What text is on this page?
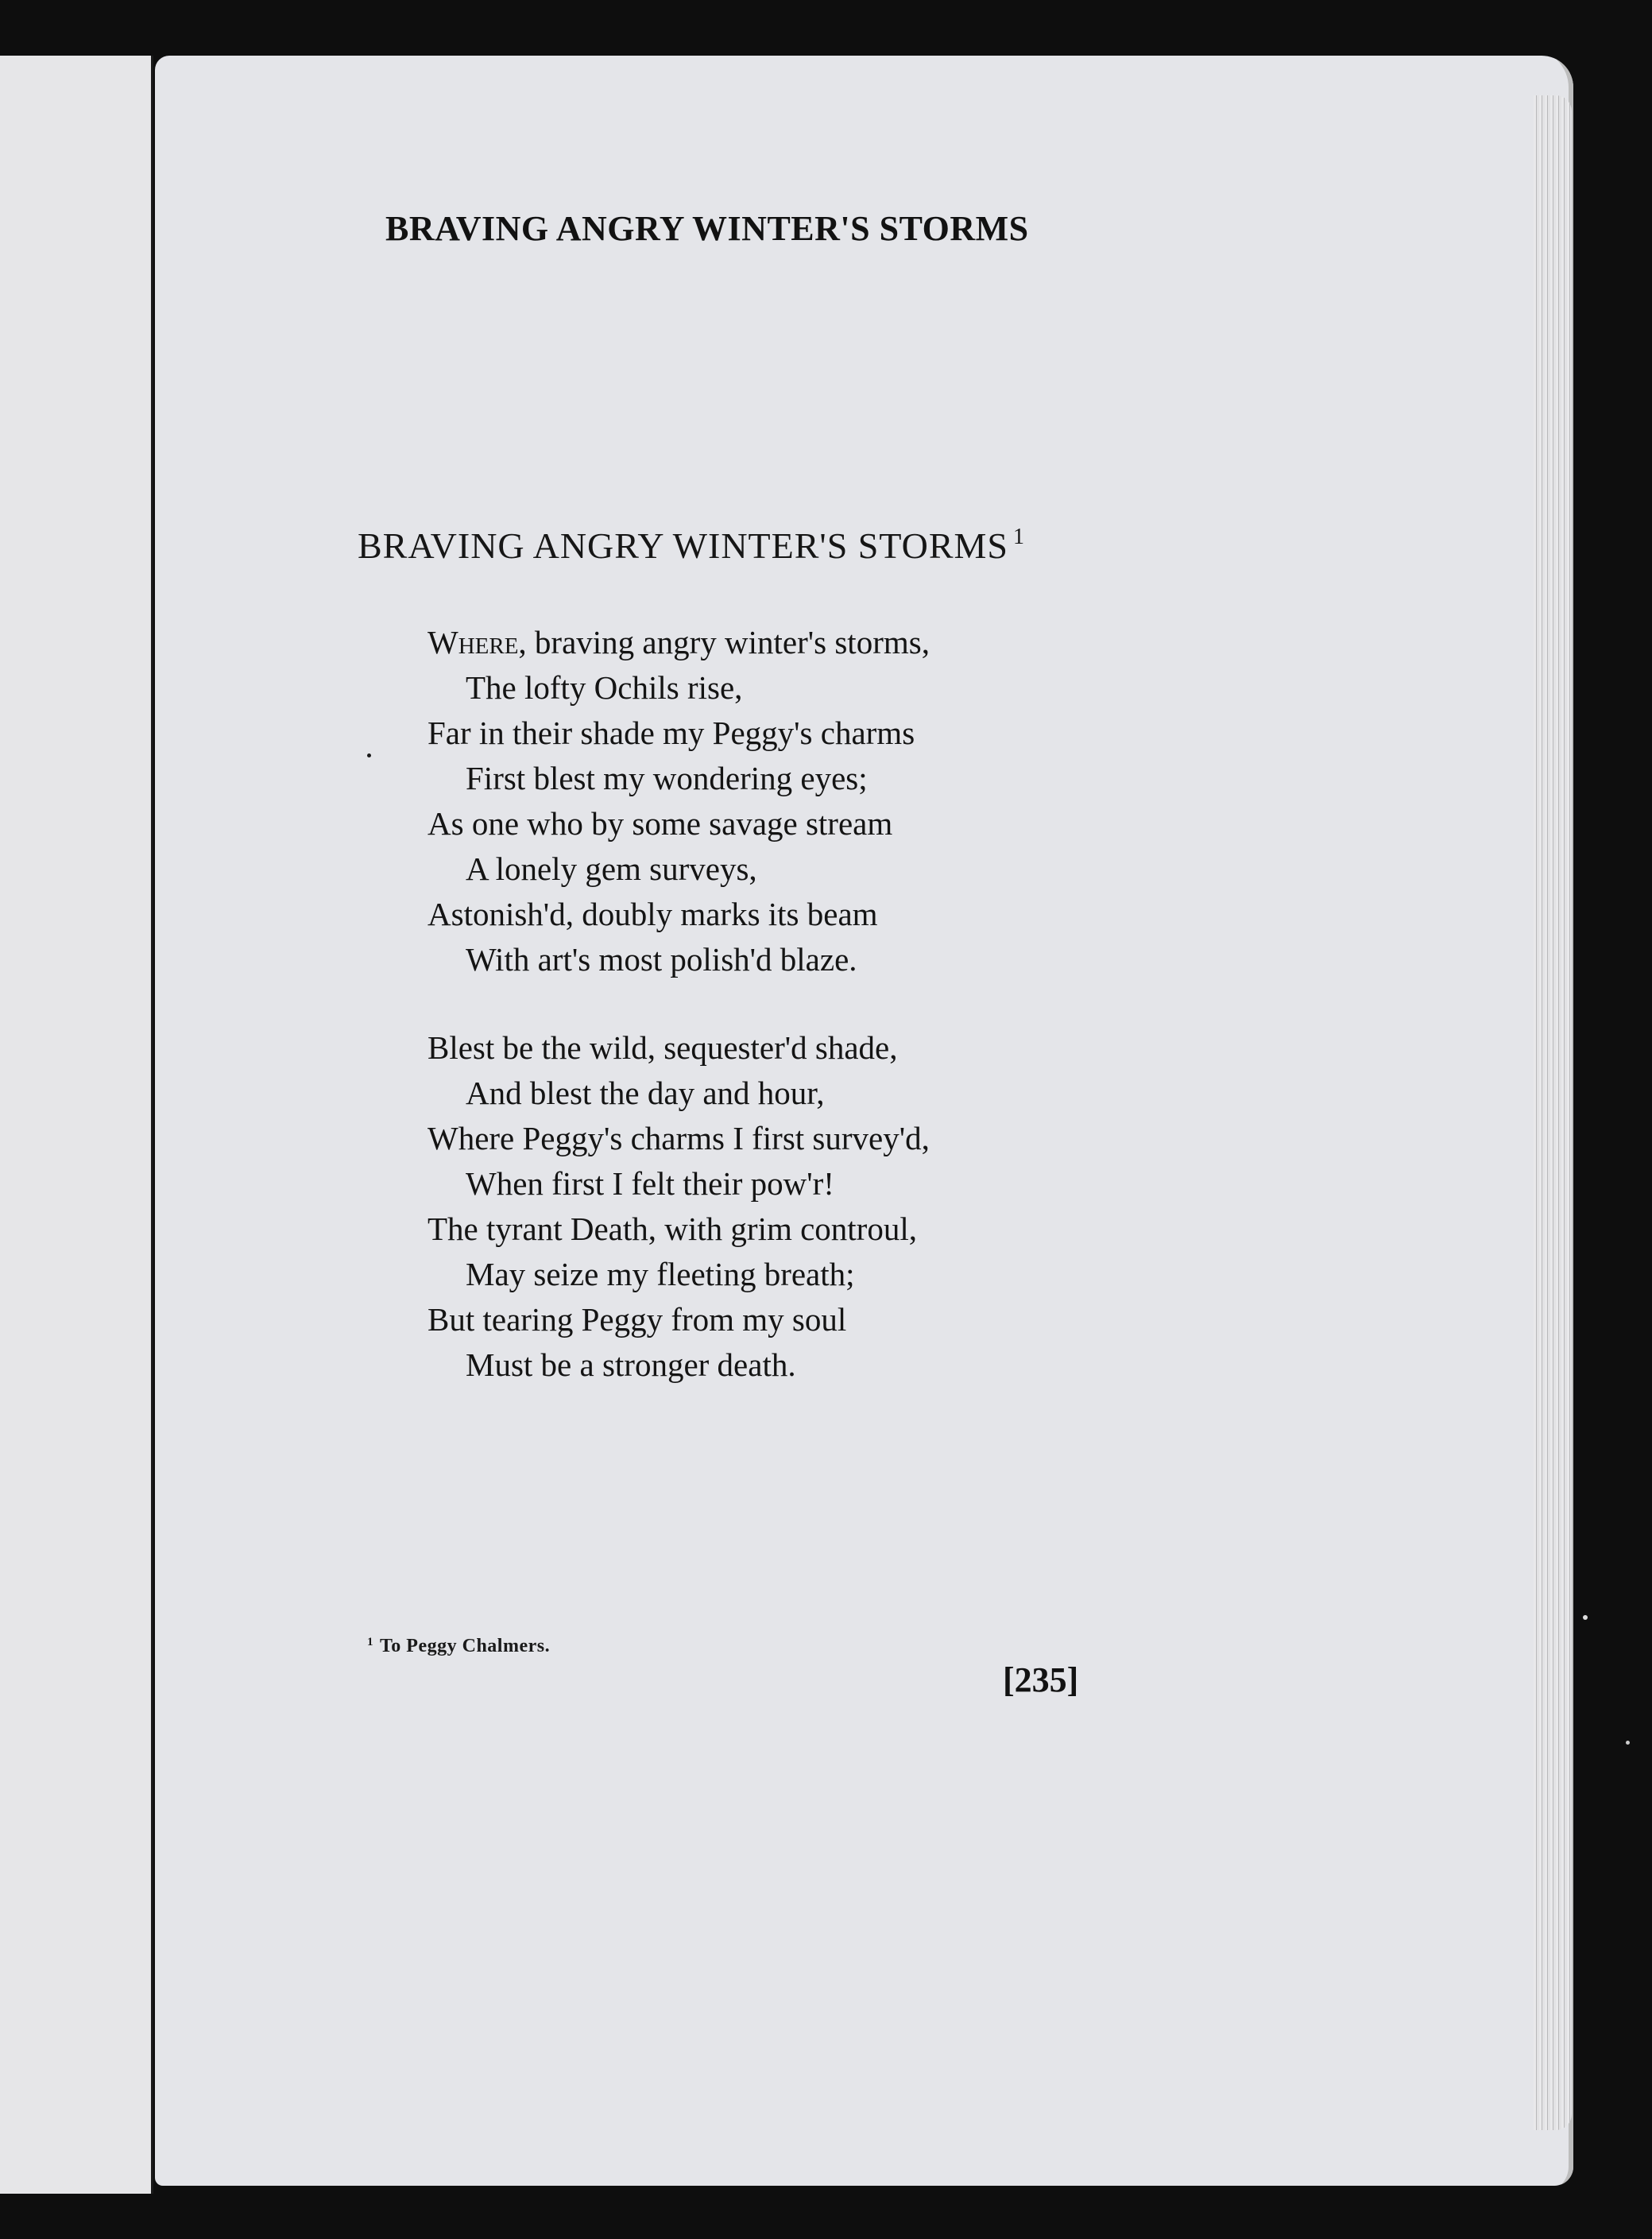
BRAVING ANGRY WINTER'S STORMS
BRAVING ANGRY WINTER'S STORMS $^1$
Where, braving angry winter's storms,
The lofty Ochils rise,
Far in their shade my Peggy's charms
First blest my wondering eyes;
As one who by some savage stream
A lonely gem surveys,
Astonish'd, doubly marks its beam
With art's most polish'd blaze.
Blest be the wild, sequester'd shade,
And blest the day and hour,
Where Peggy's charms I first survey'd,
When first I felt their pow'r!
The tyrant Death, with grim controul,
May seize my fleeting breath;
But tearing Peggy from my soul
Must be a stronger death.
$^1$ To Peggy Chalmers.
[235]
